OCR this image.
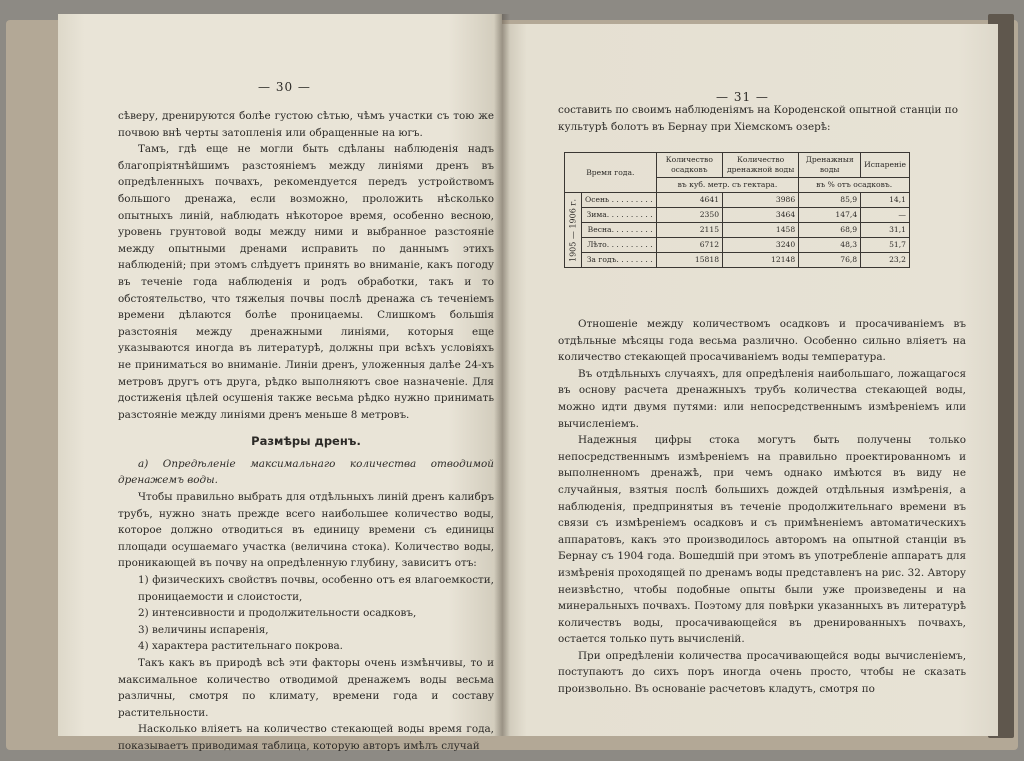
— 30 —

сѣверу, дренируются болѣе густою сѣтью, чѣмъ участки съ тою же почвою внѣ черты затопленія или обращенные на югъ.

Тамъ, гдѣ еще не могли быть сдѣланы наблюденія надъ благопріятнѣйшимъ разстояніемъ между линіями дренъ въ опредѣленныхъ почвахъ, рекомендуется передъ устройствомъ большого дренажа, если возможно, проложить нѣсколько опытныхъ линій, наблюдать нѣкоторое время, особенно весною, уровень грунтовой воды между ними и выбранное разстояніе между опытными дренами исправить по даннымъ этихъ наблюденій; при этомъ слѣдуетъ принять во вниманіе, какъ погоду въ теченіе года наблюденія и родъ обработки, такъ и то обстоятельство, что тяжелыя почвы послѣ дренажа съ теченіемъ времени дѣлаются болѣе проницаемы. Слишкомъ большія разстоянія между дренажными линіями, которыя еще указываются иногда въ литературѣ, должны при всѣхъ условіяхъ не приниматься во вниманіе. Линіи дренъ, уложенныя далѣе 24-хъ метровъ другъ отъ друга, рѣдко выполняютъ свое назначеніе. Для достиженія цѣлей осушенія также весьма рѣдко нужно принимать разстояніе между линіями дренъ меньше 8 метровъ.

Размѣры дренъ.

а) Опредѣленіе максимальнаго количества отводимой дренажемъ воды.

Чтобы правильно выбрать для отдѣльныхъ линій дренъ калибръ трубъ, нужно знать прежде всего наибольшее количество воды, которое должно отводиться въ единицу времени съ единицы площади осушаемаго участка (величина стока). Количество воды, проникающей въ почву на опредѣленную глубину, зависитъ отъ:

1) физическихъ свойствъ почвы, особенно отъ ея влагоемкости, проницаемости и слоистости,

2) интенсивности и продолжительности осадковъ,

3) величины испаренія,

4) характера растительнаго покрова.

Такъ какъ въ природѣ всѣ эти факторы очень измѣнчивы, то и максимальное количество отводимой дренажемъ воды весьма различны, смотря по климату, времени года и составу растительности.

Насколько вліяетъ на количество стекающей воды время года, показываетъ приводимая таблица, которую авторъ имѣлъ случай

— 31 —

составить по своимъ наблюденіямъ на Короденской опытной станціи по культурѣ болотъ въ Бернау при Хіемскомъ озерѣ:

Время года.		Количество осадковъ	Количество дренажной воды	Дренажныя воды	Испареніе
		въ куб. метр. съ гектара.		въ % отъ осадковъ.	
1905 — 1906 г.	Осень . . . . . . . . .	4641	3986	85,9	14,1
	Зима. . . . . . . . . .	2350	3464	147,4	—
	Весна. . . . . . . . .	2115	1458	68,9	31,1
	Лѣто. . . . . . . . . .	6712	3240	48,3	51,7
	За годъ. . . . . . . .	15818	12148	76,8	23,2

Отношеніе между количествомъ осадковъ и просачиваніемъ въ отдѣльные мѣсяцы года весьма различно. Особенно сильно вліяетъ на количество стекающей просачиваніемъ воды температура.

Въ отдѣльныхъ случаяхъ, для опредѣленія наибольшаго, ложащагося въ основу расчета дренажныхъ трубъ количества стекающей воды, можно идти двумя путями: или непосредственнымъ измѣреніемъ или вычисленіемъ.

Надежныя цифры стока могутъ быть получены только непосредственнымъ измѣреніемъ на правильно проектированномъ и выполненномъ дренажѣ, при чемъ однако имѣются въ виду не случайныя, взятыя послѣ большихъ дождей отдѣльныя измѣренія, а наблюденія, предпринятыя въ теченіе продолжительнаго времени въ связи съ измѣреніемъ осадковъ и съ примѣненіемъ автоматическихъ аппаратовъ, какъ это производилось авторомъ на опытной станціи въ Бернау съ 1904 года. Вошедшій при этомъ въ употребленіе аппаратъ для измѣренія проходящей по дренамъ воды представленъ на рис. 32. Автору неизвѣстно, чтобы подобные опыты были уже произведены и на минеральныхъ почвахъ. Поэтому для повѣрки указанныхъ въ литературѣ количествъ воды, просачивающейся въ дренированныхъ почвахъ, остается только путь вычисленій.

При опредѣленіи количества просачивающейся воды вычисленіемъ, поступаютъ до сихъ поръ иногда очень просто, чтобы не сказать произвольно. Въ основаніе расчетовъ кладутъ, смотря по
